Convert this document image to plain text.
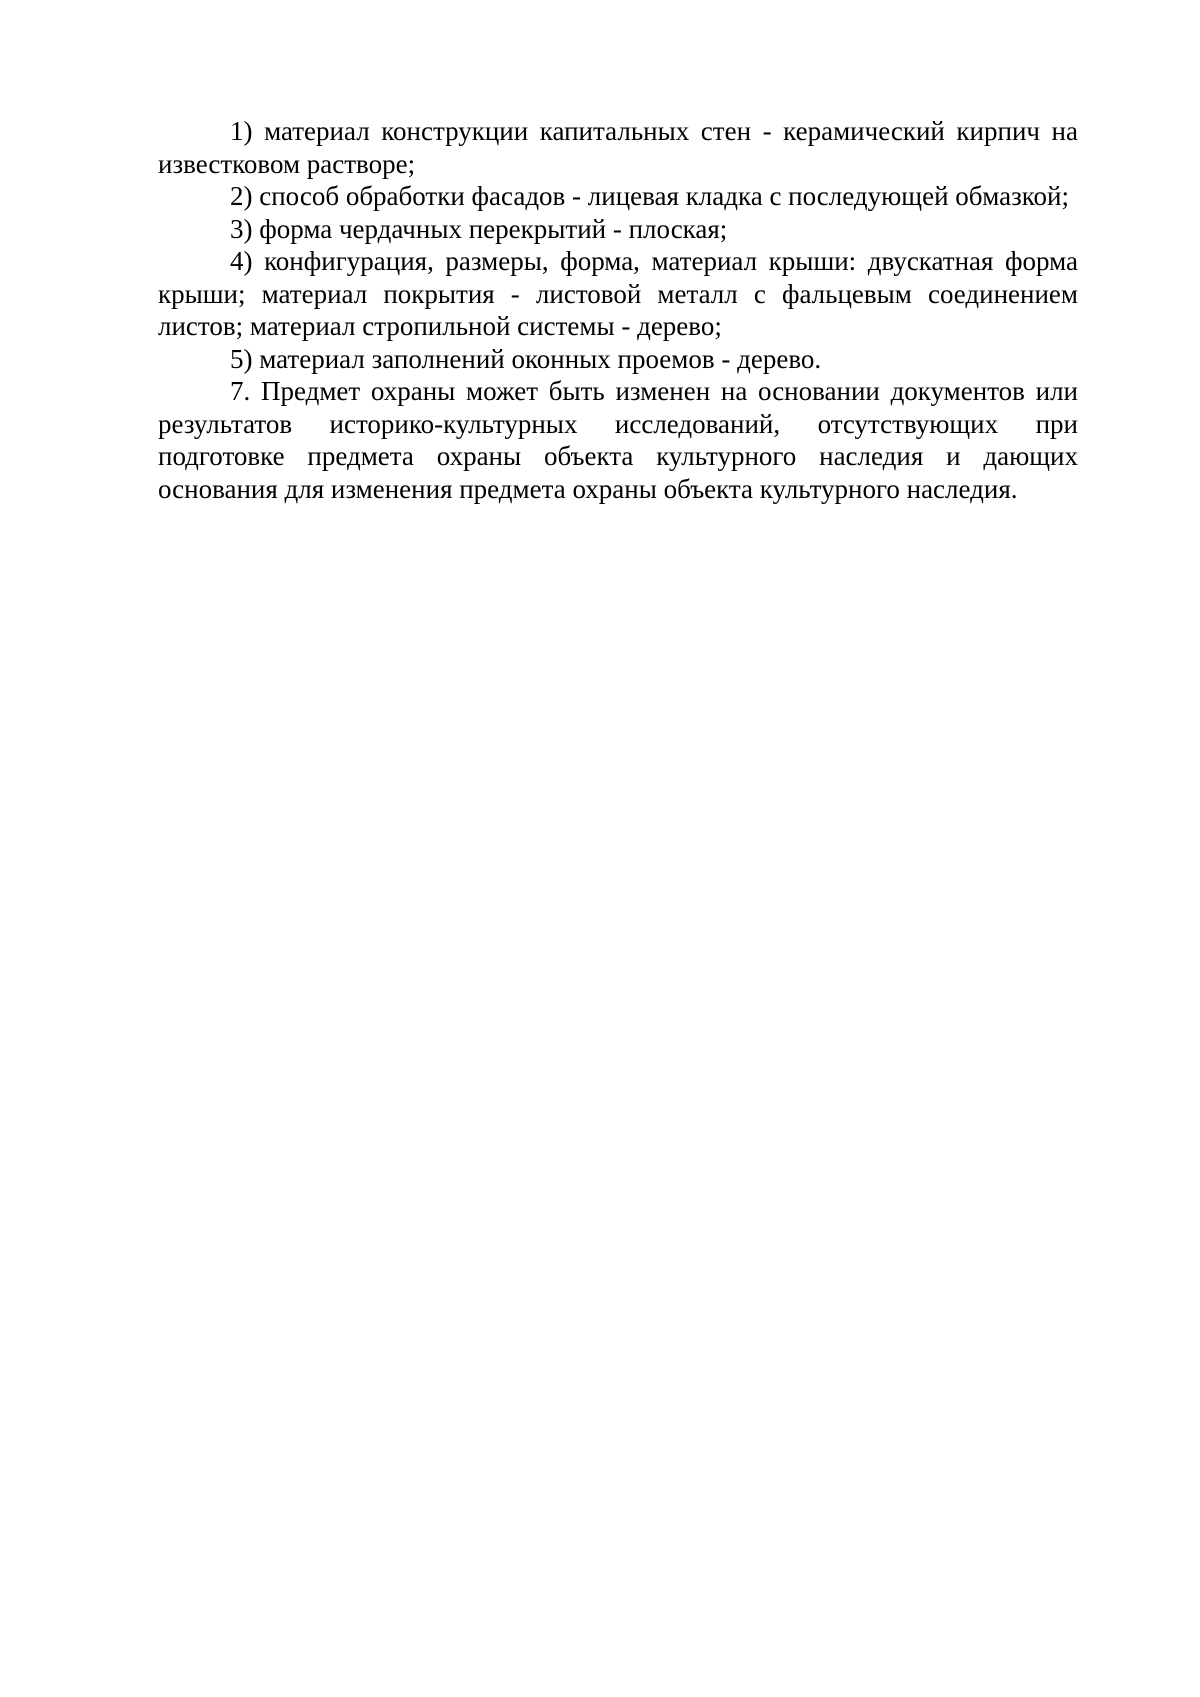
1) материал конструкции капитальных стен - керамический кирпич на известковом растворе;

2) способ обработки фасадов - лицевая кладка с последующей обмазкой;

3) форма чердачных перекрытий - плоская;

4) конфигурация, размеры, форма, материал крыши: двускатная форма крыши; материал покрытия - листовой металл с фальцевым соединением листов; материал стропильной системы - дерево;

5) материал заполнений оконных проемов - дерево.

7. Предмет охраны может быть изменен на основании документов или результатов историко-культурных исследований, отсутствующих при подготовке предмета охраны объекта культурного наследия и дающих основания для изменения предмета охраны объекта культурного наследия.
